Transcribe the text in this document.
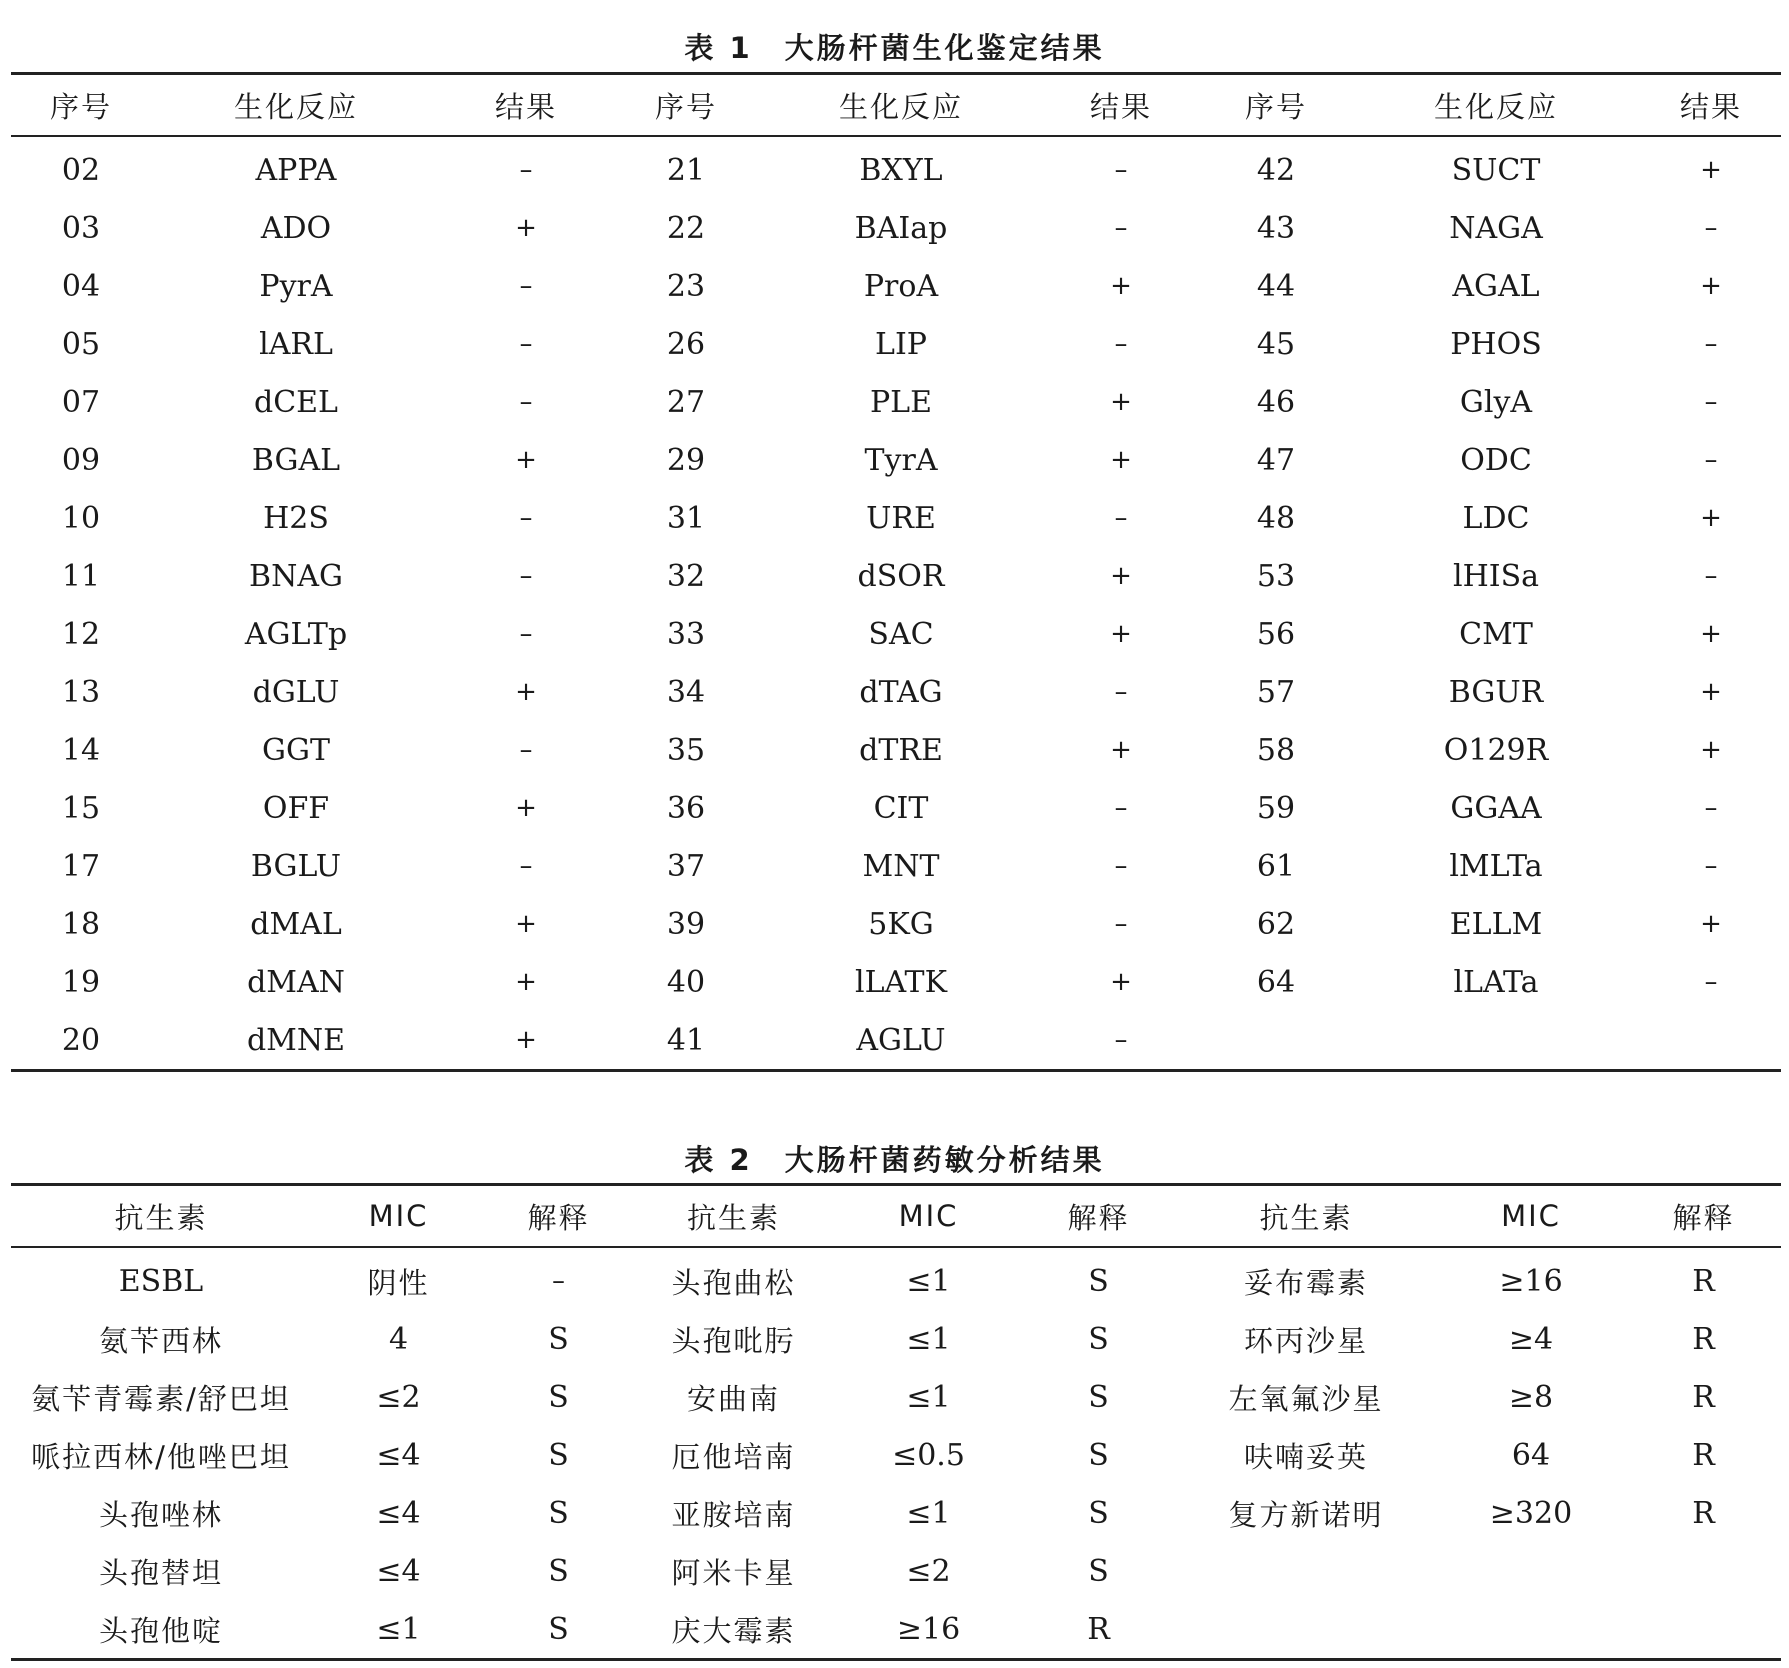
表 1　大肠杆菌生化鉴定结果
序号	生化反应	结果	序号	生化反应	结果	序号	生化反应	结果
02	APPA	–	21	BXYL	–	42	SUCT	+
03	ADO	+	22	BAIap	–	43	NAGA	–
04	PyrA	–	23	ProA	+	44	AGAL	+
05	lARL	–	26	LIP	–	45	PHOS	–
07	dCEL	–	27	PLE	+	46	GlyA	–
09	BGAL	+	29	TyrA	+	47	ODC	–
10	H2S	–	31	URE	–	48	LDC	+
11	BNAG	–	32	dSOR	+	53	lHISa	–
12	AGLTp	–	33	SAC	+	56	CMT	+
13	dGLU	+	34	dTAG	–	57	BGUR	+
14	GGT	–	35	dTRE	+	58	O129R	+
15	OFF	+	36	CIT	–	59	GGAA	–
17	BGLU	–	37	MNT	–	61	lMLTa	–
18	dMAL	+	39	5KG	–	62	ELLM	+
19	dMAN	+	40	lLATK	+	64	lLATa	–
20	dMNE	+	41	AGLU	–			
表 2　大肠杆菌药敏分析结果
抗生素	MIC	解释	抗生素	MIC	解释	抗生素	MIC	解释
ESBL	阴性	–	头孢曲松	≤1	S	妥布霉素	≥16	R
氨苄西林	4	S	头孢吡肟	≤1	S	环丙沙星	≥4	R
氨苄青霉素/舒巴坦	≤2	S	安曲南	≤1	S	左氧氟沙星	≥8	R
哌拉西林/他唑巴坦	≤4	S	厄他培南	≤0.5	S	呋喃妥英	64	R
头孢唑林	≤4	S	亚胺培南	≤1	S	复方新诺明	≥320	R
头孢替坦	≤4	S	阿米卡星	≤2	S			
头孢他啶	≤1	S	庆大霉素	≥16	R			
